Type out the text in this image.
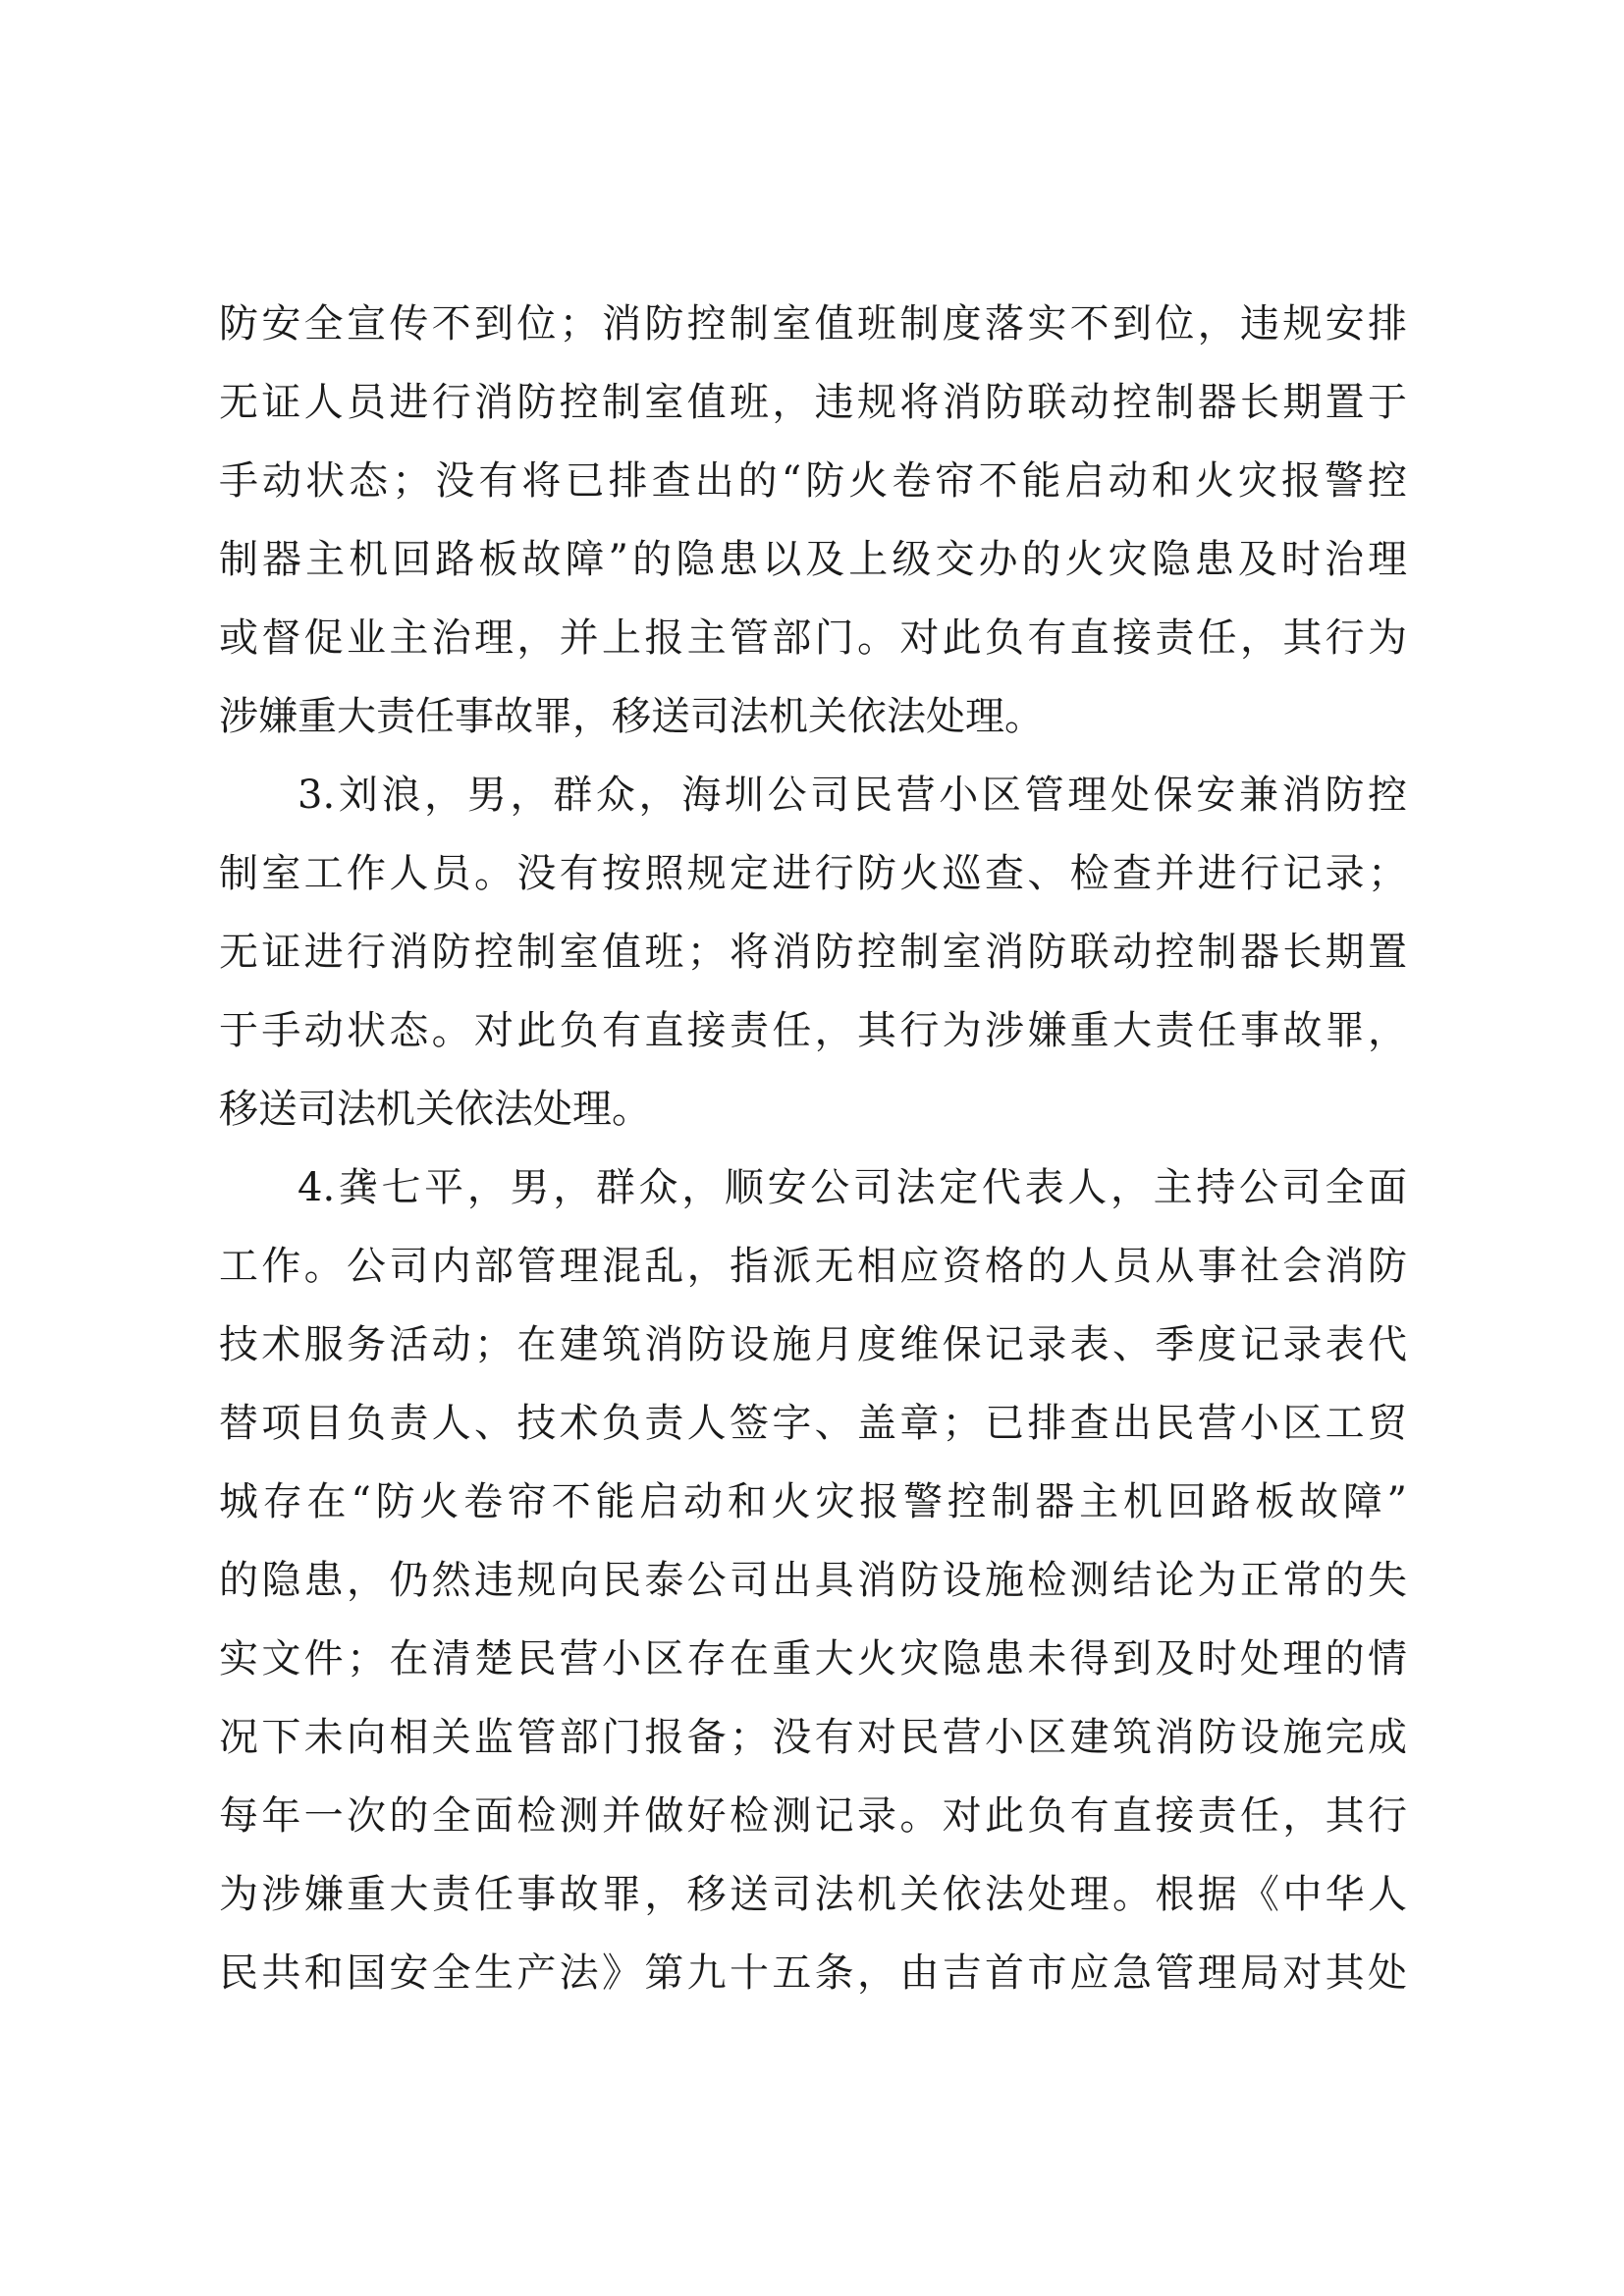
防安全宣传不到位；消防控制室值班制度落实不到位，违规安排
无证人员进行消防控制室值班，违规将消防联动控制器长期置于
手动状态；没有将已排查出的“防火卷帘不能启动和火灾报警控
制器主机回路板故障”的隐患以及上级交办的火灾隐患及时治理
或督促业主治理，并上报主管部门。对此负有直接责任，其行为
涉嫌重大责任事故罪，移送司法机关依法处理。
3.刘浪，男，群众，海圳公司民营小区管理处保安兼消防控
制室工作人员。没有按照规定进行防火巡查、检查并进行记录；
无证进行消防控制室值班；将消防控制室消防联动控制器长期置
于手动状态。对此负有直接责任，其行为涉嫌重大责任事故罪，
移送司法机关依法处理。
4.龚七平，男，群众，顺安公司法定代表人，主持公司全面
工作。公司内部管理混乱，指派无相应资格的人员从事社会消防
技术服务活动；在建筑消防设施月度维保记录表、季度记录表代
替项目负责人、技术负责人签字、盖章；已排查出民营小区工贸
城存在“防火卷帘不能启动和火灾报警控制器主机回路板故障”
的隐患，仍然违规向民泰公司出具消防设施检测结论为正常的失
实文件；在清楚民营小区存在重大火灾隐患未得到及时处理的情
况下未向相关监管部门报备；没有对民营小区建筑消防设施完成
每年一次的全面检测并做好检测记录。对此负有直接责任，其行
为涉嫌重大责任事故罪，移送司法机关依法处理。根据《中华人
民共和国安全生产法》第九十五条，由吉首市应急管理局对其处
